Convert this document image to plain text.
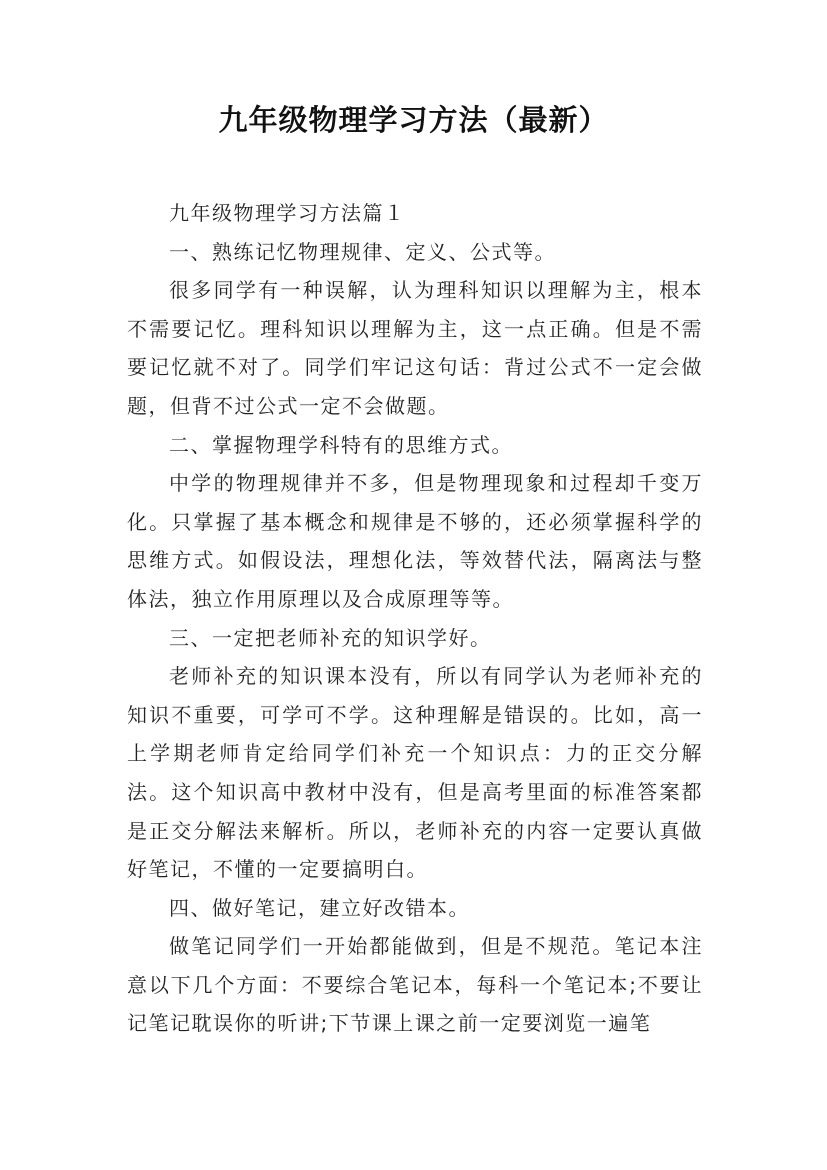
九年级物理学习方法（最新）

九年级物理学习方法篇１

一、熟练记忆物理规律、定义、公式等。

很多同学有一种误解，认为理科知识以理解为主，根本不需要记忆。理科知识以理解为主，这一点正确。但是不需要记忆就不对了。同学们牢记这句话：背过公式不一定会做题，但背不过公式一定不会做题。

二、掌握物理学科特有的思维方式。

中学的物理规律并不多，但是物理现象和过程却千变万化。只掌握了基本概念和规律是不够的，还必须掌握科学的思维方式。如假设法，理想化法，等效替代法，隔离法与整体法，独立作用原理以及合成原理等等。

三、一定把老师补充的知识学好。

老师补充的知识课本没有，所以有同学认为老师补充的知识不重要，可学可不学。这种理解是错误的。比如，高一上学期老师肯定给同学们补充一个知识点：力的正交分解法。这个知识高中教材中没有，但是高考里面的标准答案都是正交分解法来解析。所以，老师补充的内容一定要认真做好笔记，不懂的一定要搞明白。

四、做好笔记，建立好改错本。

做笔记同学们一开始都能做到，但是不规范。笔记本注意以下几个方面：不要综合笔记本，每科一个笔记本;不要让记笔记耽误你的听讲;下节课上课之前一定要浏览一遍笔
